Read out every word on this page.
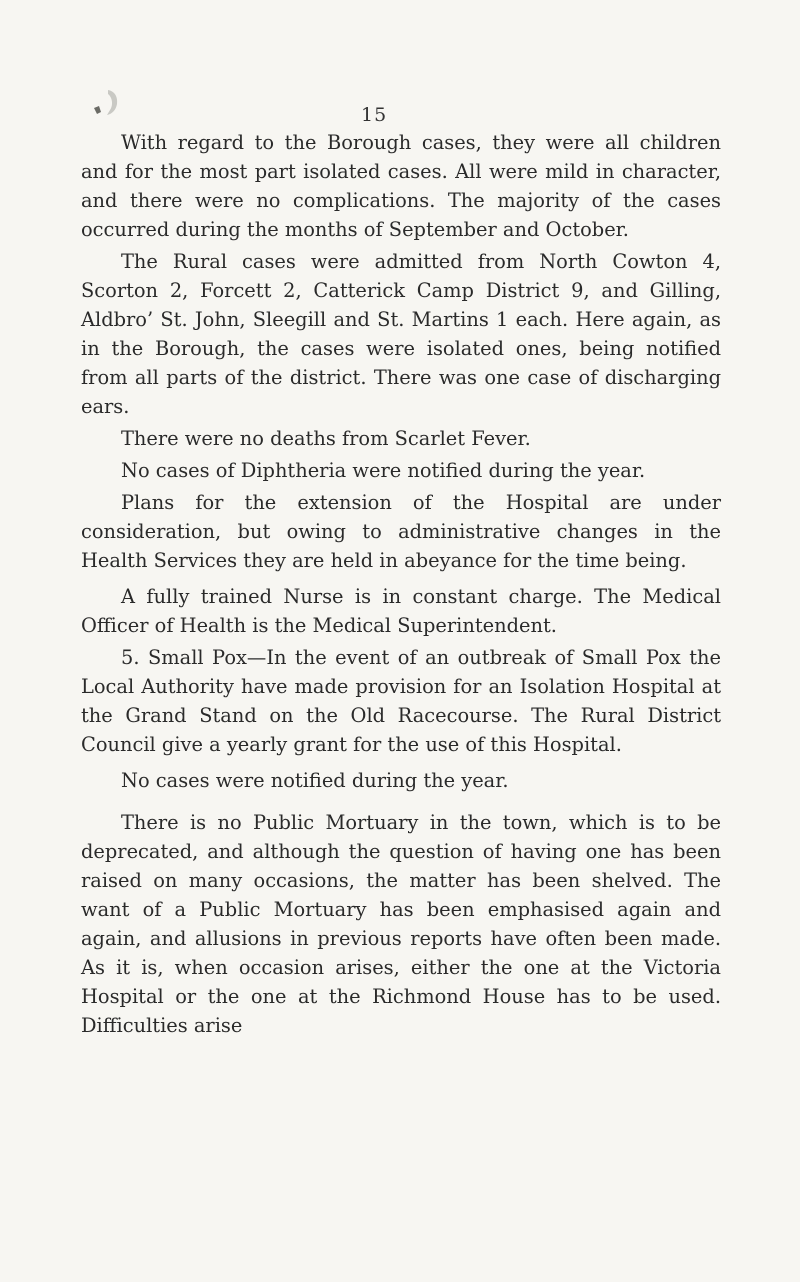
15

With regard to the Borough cases, they were all children and for the most part isolated cases. All were mild in character, and there were no complications. The majority of the cases occurred during the months of September and October.

The Rural cases were admitted from North Cowton 4, Scorton 2, Forcett 2, Catterick Camp District 9, and Gilling, Aldbro’ St. John, Sleegill and St. Martins 1 each. Here again, as in the Borough, the cases were isolated ones, being notified from all parts of the district. There was one case of discharging ears.

There were no deaths from Scarlet Fever.

No cases of Diphtheria were notified during the year.

Plans for the extension of the Hospital are under consideration, but owing to administrative changes in the Health Services they are held in abeyance for the time being.

A fully trained Nurse is in constant charge. The Medical Officer of Health is the Medical Superintendent.

5. Small Pox—In the event of an outbreak of Small Pox the Local Authority have made provision for an Isolation Hospital at the Grand Stand on the Old Racecourse. The Rural District Council give a yearly grant for the use of this Hospital.

No cases were notified during the year.

There is no Public Mortuary in the town, which is to be deprecated, and although the question of having one has been raised on many occasions, the matter has been shelved. The want of a Public Mortuary has been emphasised again and again, and allusions in previous reports have often been made. As it is, when occasion arises, either the one at the Victoria Hospital or the one at the Richmond House has to be used. Difficulties arise
